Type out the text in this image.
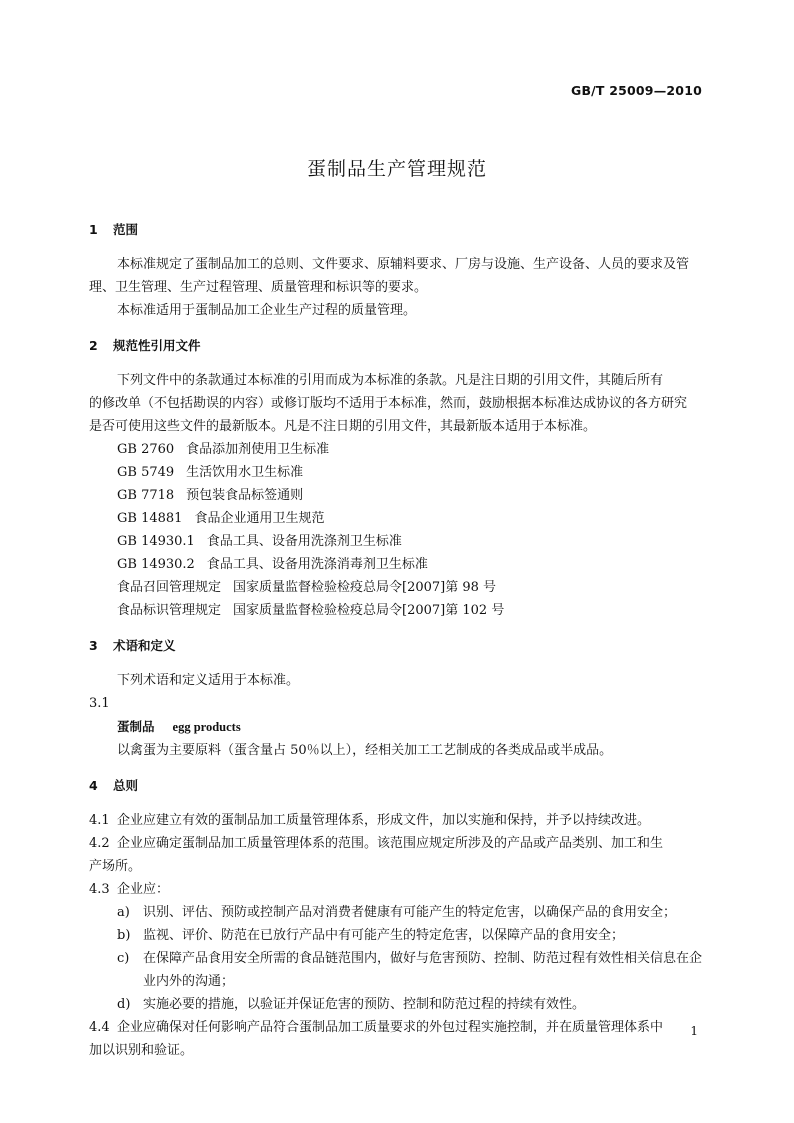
GB/T 25009—2010
蛋制品生产管理规范
1 范围
本标准规定了蛋制品加工的总则、文件要求、原辅料要求、厂房与设施、生产设备、人员的要求及管
理、卫生管理、生产过程管理、质量管理和标识等的要求。
本标准适用于蛋制品加工企业生产过程的质量管理。
2 规范性引用文件
下列文件中的条款通过本标准的引用而成为本标准的条款。凡是注日期的引用文件，其随后所有
的修改单（不包括勘误的内容）或修订版均不适用于本标准，然而，鼓励根据本标准达成协议的各方研究
是否可使用这些文件的最新版本。凡是不注日期的引用文件，其最新版本适用于本标准。
GB 2760 食品添加剂使用卫生标准
GB 5749 生活饮用水卫生标准
GB 7718 预包装食品标签通则
GB 14881 食品企业通用卫生规范
GB 14930.1 食品工具、设备用洗涤剂卫生标准
GB 14930.2 食品工具、设备用洗涤消毒剂卫生标准
食品召回管理规定 国家质量监督检验检疫总局令[2007]第 98 号
食品标识管理规定 国家质量监督检验检疫总局令[2007]第 102 号
3 术语和定义
下列术语和定义适用于本标准。
3.1
蛋制品 egg products
以禽蛋为主要原料（蛋含量占 50％以上），经相关加工工艺制成的各类成品或半成品。
4 总则
4.1 企业应建立有效的蛋制品加工质量管理体系，形成文件，加以实施和保持，并予以持续改进。
4.2 企业应确定蛋制品加工质量管理体系的范围。该范围应规定所涉及的产品或产品类别、加工和生
产场所。
4.3 企业应：
a)	识别、评估、预防或控制产品对消费者健康有可能产生的特定危害，以确保产品的食用安全；
b) 监视、评价、防范在已放行产品中有可能产生的特定危害，以保障产品的食用安全；
c)	在保障产品食用安全所需的食品链范围内，做好与危害预防、控制、防范过程有效性相关信息在企业内外的沟通；
d) 实施必要的措施，以验证并保证危害的预防、控制和防范过程的持续有效性。
4.4 企业应确保对任何影响产品符合蛋制品加工质量要求的外包过程实施控制，并在质量管理体系中
加以识别和验证。
1
